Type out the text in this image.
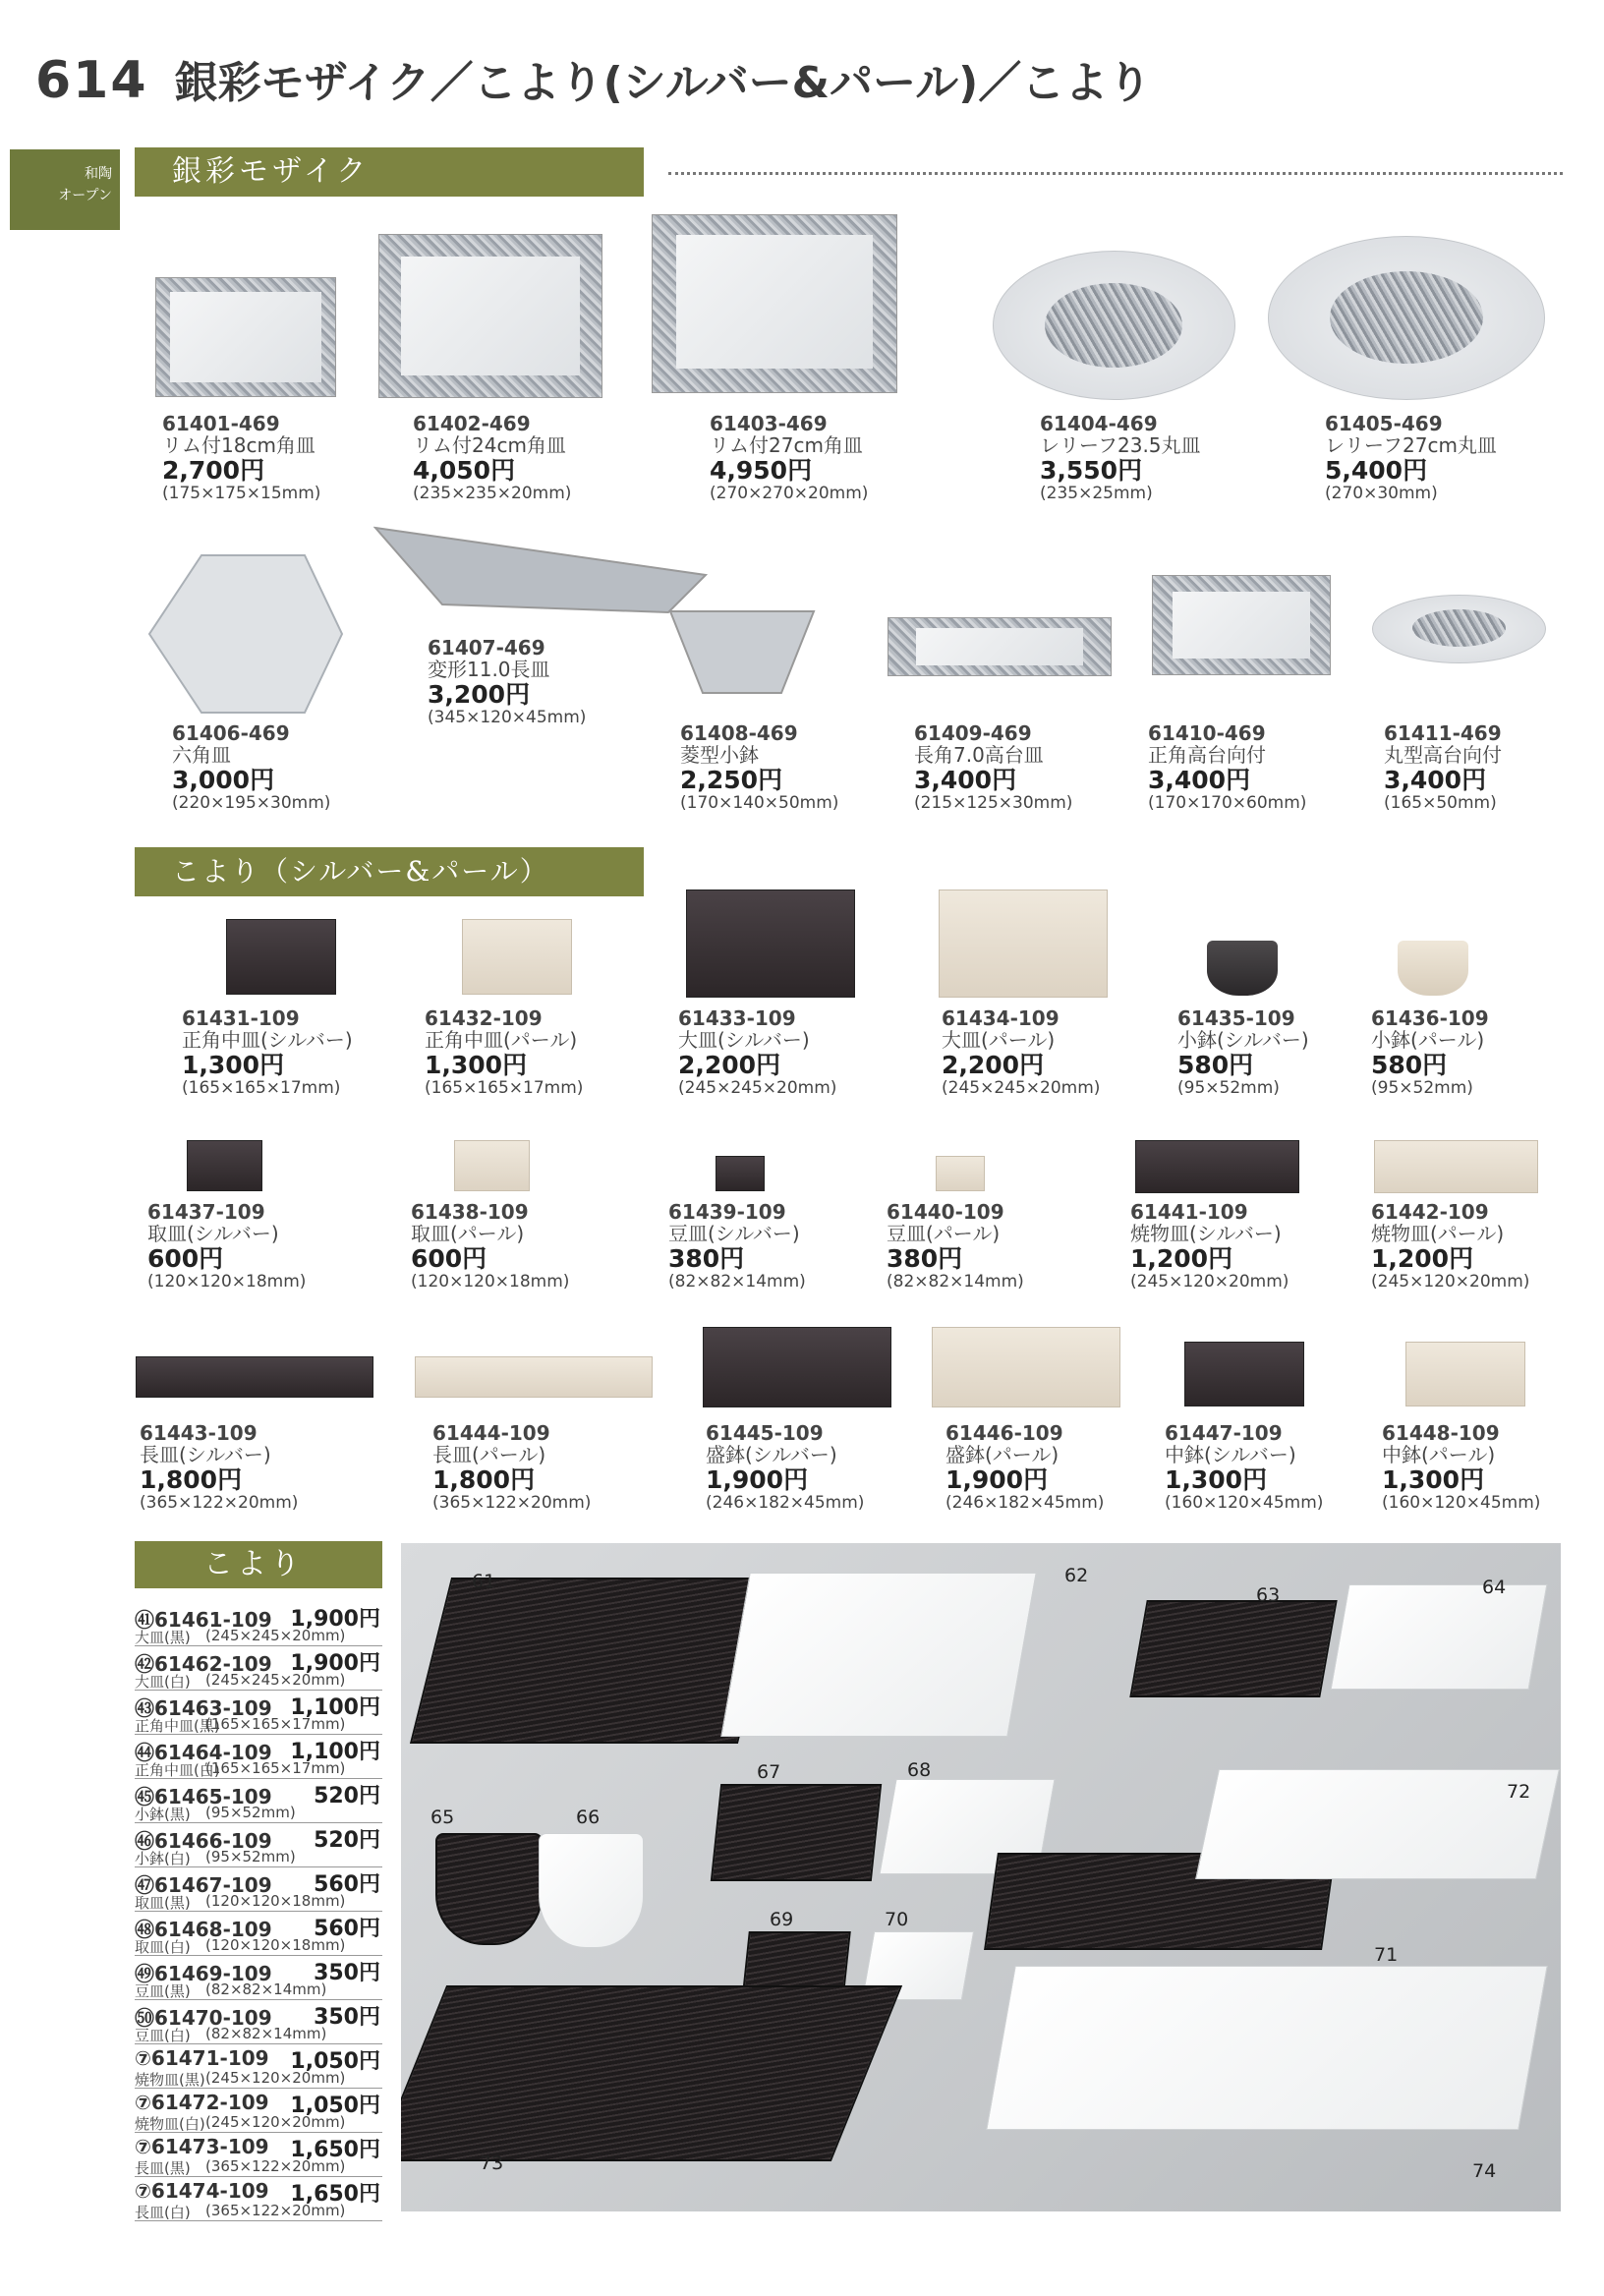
614 銀彩モザイク／こより(シルバー&パール)／こより
和陶
オープン
銀彩モザイク
61401-469
リム付18cm角皿
2,700円
(175×175×15mm)
61402-469
リム付24cm角皿
4,050円
(235×235×20mm)
61403-469
リム付27cm角皿
4,950円
(270×270×20mm)
61404-469
レリーフ23.5丸皿
3,550円
(235×25mm)
61405-469
レリーフ27cm丸皿
5,400円
(270×30mm)
61406-469
六角皿
3,000円
(220×195×30mm)
61407-469
変形11.0長皿
3,200円
(345×120×45mm)
61408-469
菱型小鉢
2,250円
(170×140×50mm)
61409-469
長角7.0高台皿
3,400円
(215×125×30mm)
61410-469
正角高台向付
3,400円
(170×170×60mm)
61411-469
丸型高台向付
3,400円
(165×50mm)
こより（シルバー&パール）
61431-109
正角中皿(シルバー)
1,300円
(165×165×17mm)
61432-109
正角中皿(パール)
1,300円
(165×165×17mm)
61433-109
大皿(シルバー)
2,200円
(245×245×20mm)
61434-109
大皿(パール)
2,200円
(245×245×20mm)
61435-109
小鉢(シルバー)
580円
(95×52mm)
61436-109
小鉢(パール)
580円
(95×52mm)
61437-109
取皿(シルバー)
600円
(120×120×18mm)
61438-109
取皿(パール)
600円
(120×120×18mm)
61439-109
豆皿(シルバー)
380円
(82×82×14mm)
61440-109
豆皿(パール)
380円
(82×82×14mm)
61441-109
焼物皿(シルバー)
1,200円
(245×120×20mm)
61442-109
焼物皿(パール)
1,200円
(245×120×20mm)
61443-109
長皿(シルバー)
1,800円
(365×122×20mm)
61444-109
長皿(パール)
1,800円
(365×122×20mm)
61445-109
盛鉢(シルバー)
1,900円
(246×182×45mm)
61446-109
盛鉢(パール)
1,900円
(246×182×45mm)
61447-109
中鉢(シルバー)
1,300円
(160×120×45mm)
61448-109
中鉢(パール)
1,300円
(160×120×45mm)
こより
㊶61461-109 1,900円
大皿(黒) (245×245×20mm)
㊷61462-109 1,900円
大皿(白) (245×245×20mm)
㊸61463-109 1,100円
正角中皿(黒)
(165×165×17mm)
㊹61464-109 1,100円
正角中皿(白)
(165×165×17mm)
㊺61465-109 520円
小鉢(黒) (95×52mm)
㊻61466-109 520円
小鉢(白) (95×52mm)
㊼61467-109 560円
取皿(黒) (120×120×18mm)
㊽61468-109 560円
取皿(白) (120×120×18mm)
㊾61469-109 350円
豆皿(黒) (82×82×14mm)
㊿61470-109 350円
豆皿(白) (82×82×14mm)
⑦61471-109 1,050円
焼物皿(黒) (245×120×20mm)
⑦61472-109 1,050円
焼物皿(白) (245×120×20mm)
⑦61473-109 1,650円
長皿(黒) (365×122×20mm)
⑦61474-109 1,650円
長皿(白) (365×122×20mm)
61	62
63	64
65	66
67	68
69	70
71
72
73	74
